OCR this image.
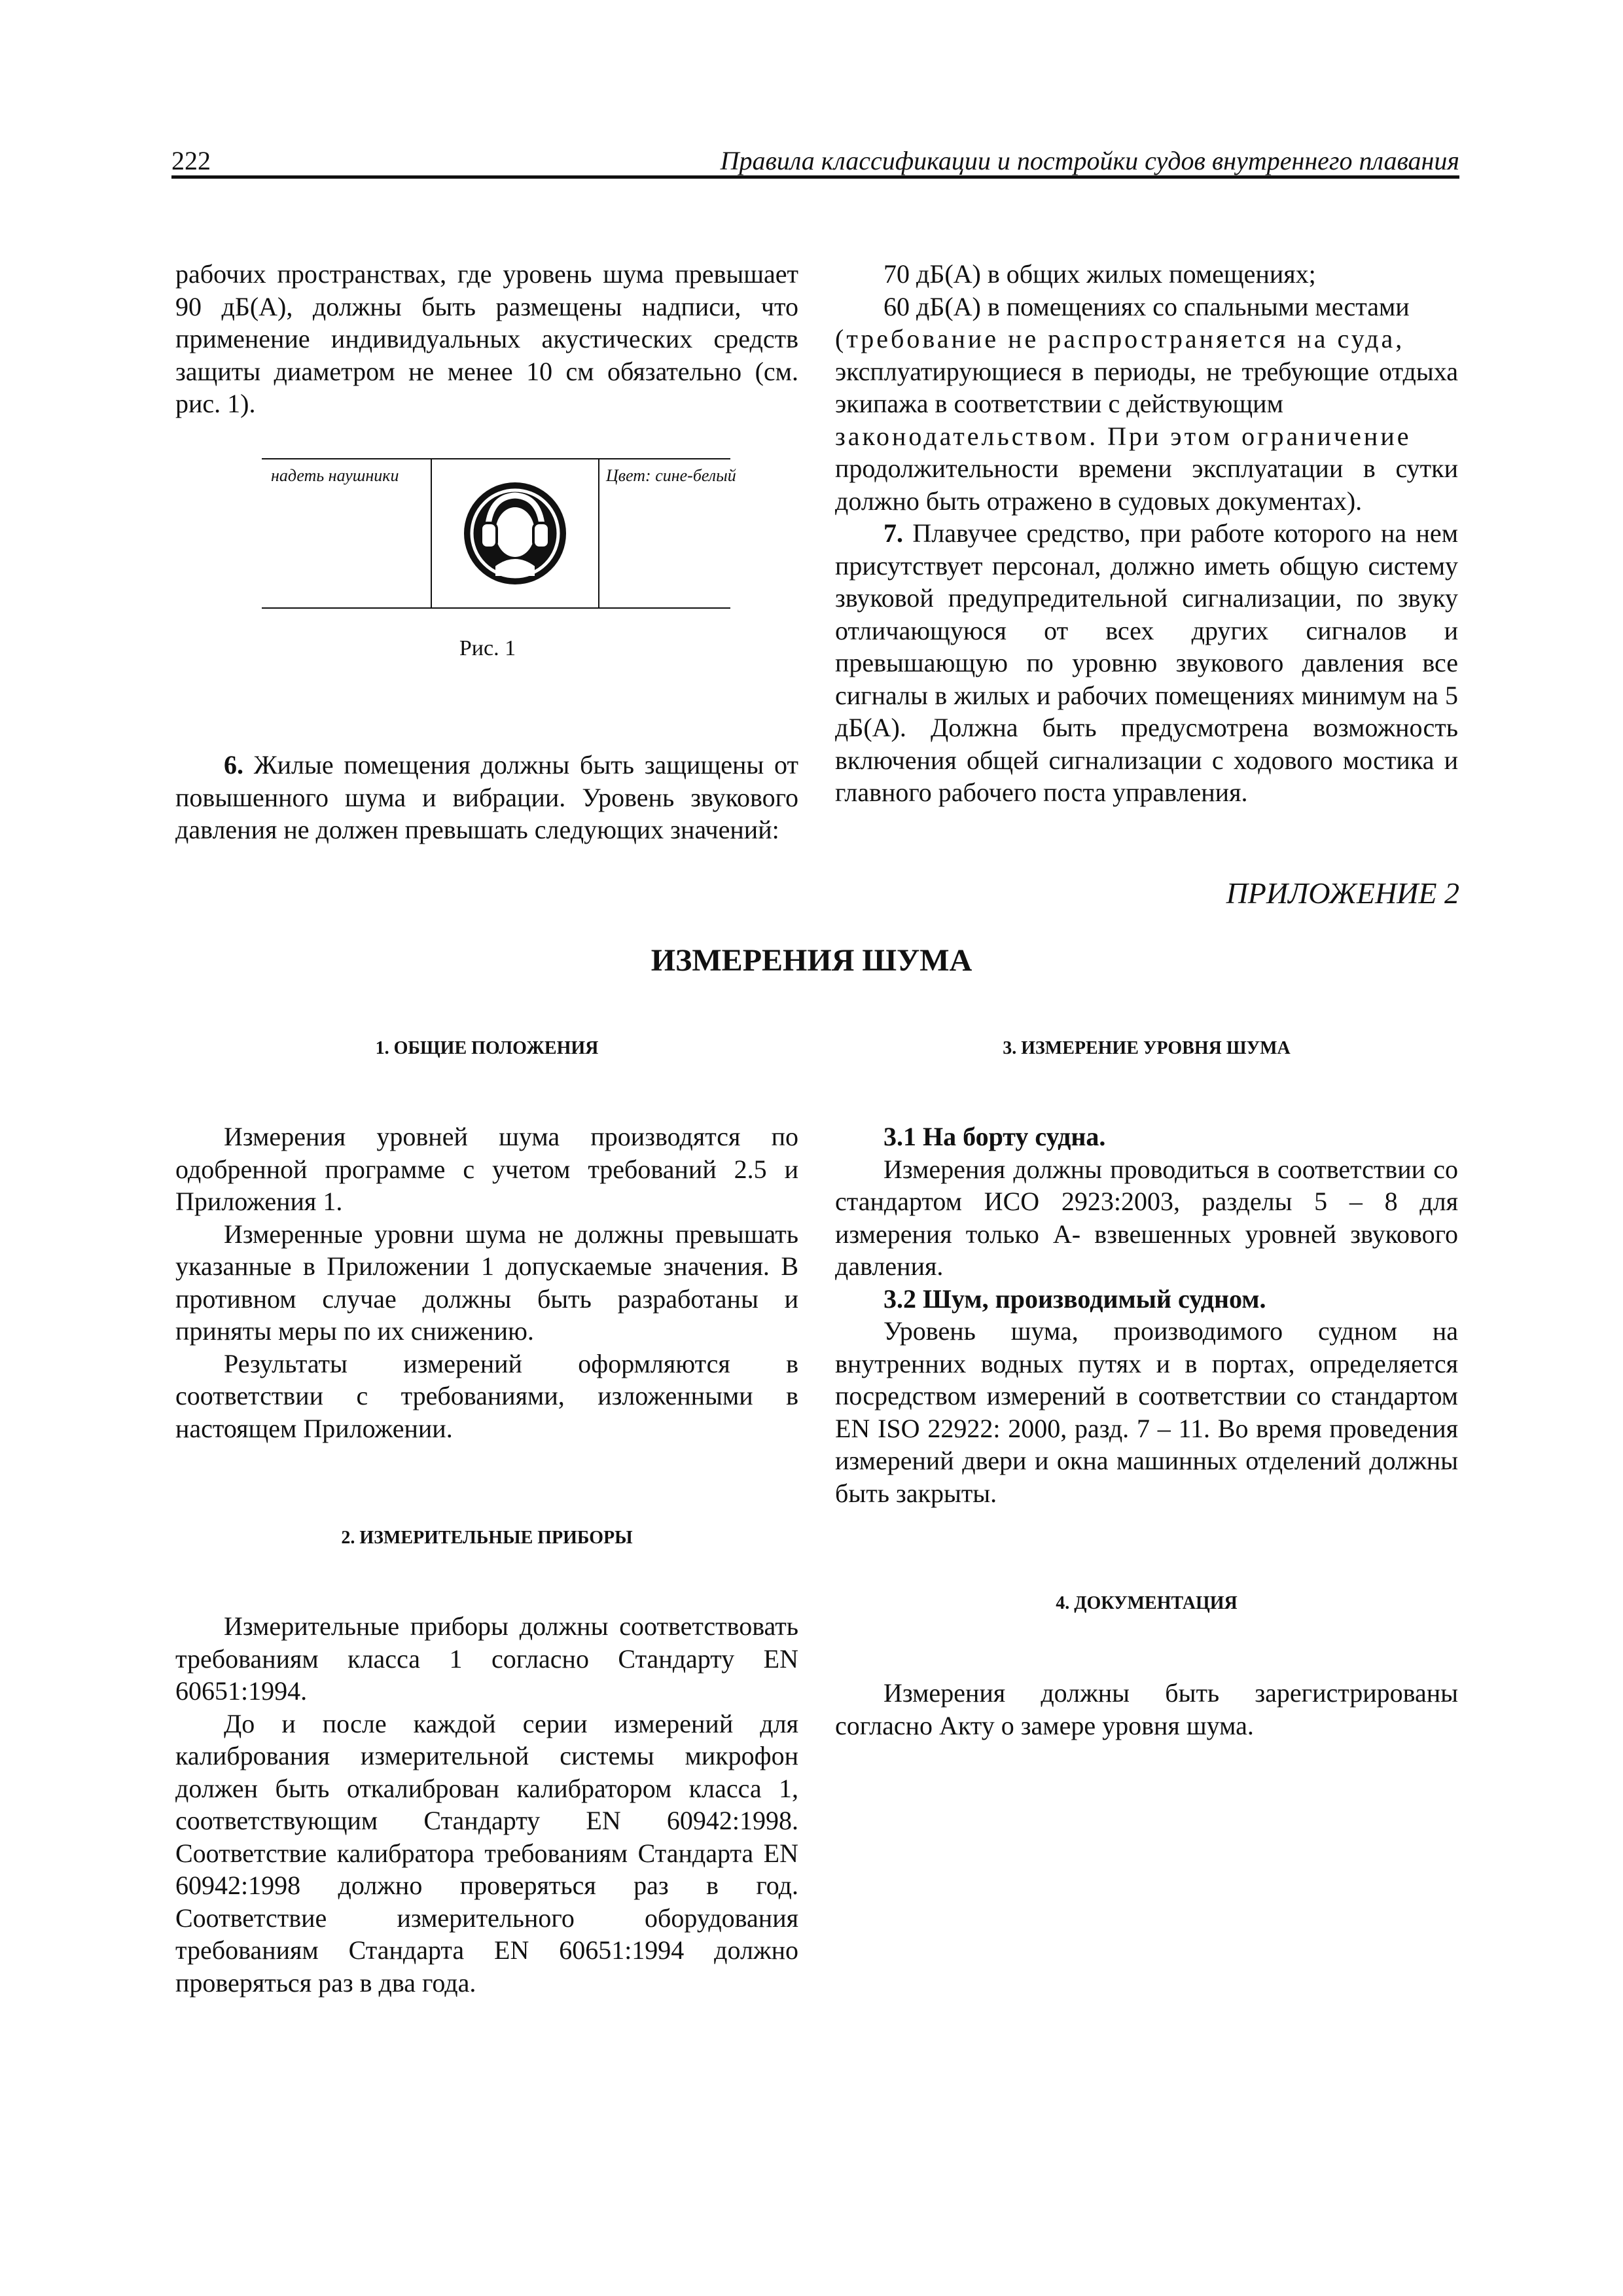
222	Правила классификации и постройки судов внутреннего плавания

рабочих пространствах, где уровень шума превышает 90 дБ(А), должны быть размещены надписи, что применение индивидуальных акустических средств защиты диаметром не менее 10 см обязательно (см. рис. 1).

надеть наушники	Цвет: сине-белый
Рис. 1

6. Жилые помещения должны быть защищены от повышенного шума и вибрации. Уровень звукового давления не должен превышать следующих значений:

70 дБ(А) в общих жилых помещениях;

60 дБ(А) в помещениях со спальными местами

(требование не распространяется на суда,

эксплуатирующиеся в периоды, не требующие отдыха экипажа в соответствии с действующим

законодательством. При этом ограничение

продолжительности времени эксплуатации в сутки должно быть отражено в судовых документах).

7. Плавучее средство, при работе которого на нем присутствует персонал, должно иметь общую систему звуковой предупредительной сигнализации, по звуку отличающуюся от всех других сигналов и превышающую по уровню звукового давления все сигналы в жилых и рабочих помещениях минимум на 5 дБ(А). Должна быть предусмотрена возможность включения общей сигнализации с ходового мостика и главного рабочего поста управления.

ПРИЛОЖЕНИЕ 2
ИЗМЕРЕНИЯ ШУМА
1. ОБЩИЕ ПОЛОЖЕНИЯ

Измерения уровней шума производятся по одобренной программе с учетом требований 2.5 и Приложения 1.

Измеренные уровни шума не должны превышать указанные в Приложении 1 допускаемые значения. В противном случае должны быть разработаны и приняты меры по их снижению.

Результаты измерений оформляются в соответствии с требованиями, изложенными в настоящем Приложении.

2. ИЗМЕРИТЕЛЬНЫЕ ПРИБОРЫ

Измерительные приборы должны соответствовать требованиям класса 1 согласно Стандарту EN 60651:1994.

До и после каждой серии измерений для калибрования измерительной системы микрофон должен быть откалиброван калибратором класса 1, соответствующим Стандарту EN 60942:1998. Соответствие калибратора требованиям Стандарта EN 60942:1998 должно проверяться раз в год. Соответствие измерительного оборудования требованиям Стандарта EN 60651:1994 должно проверяться раз в два года.

3. ИЗМЕРЕНИЕ УРОВНЯ ШУМА

3.1 На борту судна.

Измерения должны проводиться в соответствии со стандартом ИСО 2923:2003, разделы 5 – 8 для измерения только А- взвешенных уровней звукового давления.

3.2 Шум, производимый судном.

Уровень шума, производимого судном на внутренних водных путях и в портах, определяется посредством измерений в соответствии со стандартом EN ISO 22922: 2000, разд. 7 – 11. Во время проведения измерений двери и окна машинных отделений должны быть закрыты.

4. ДОКУМЕНТАЦИЯ

Измерения должны быть зарегистрированы согласно Акту о замере уровня шума.
